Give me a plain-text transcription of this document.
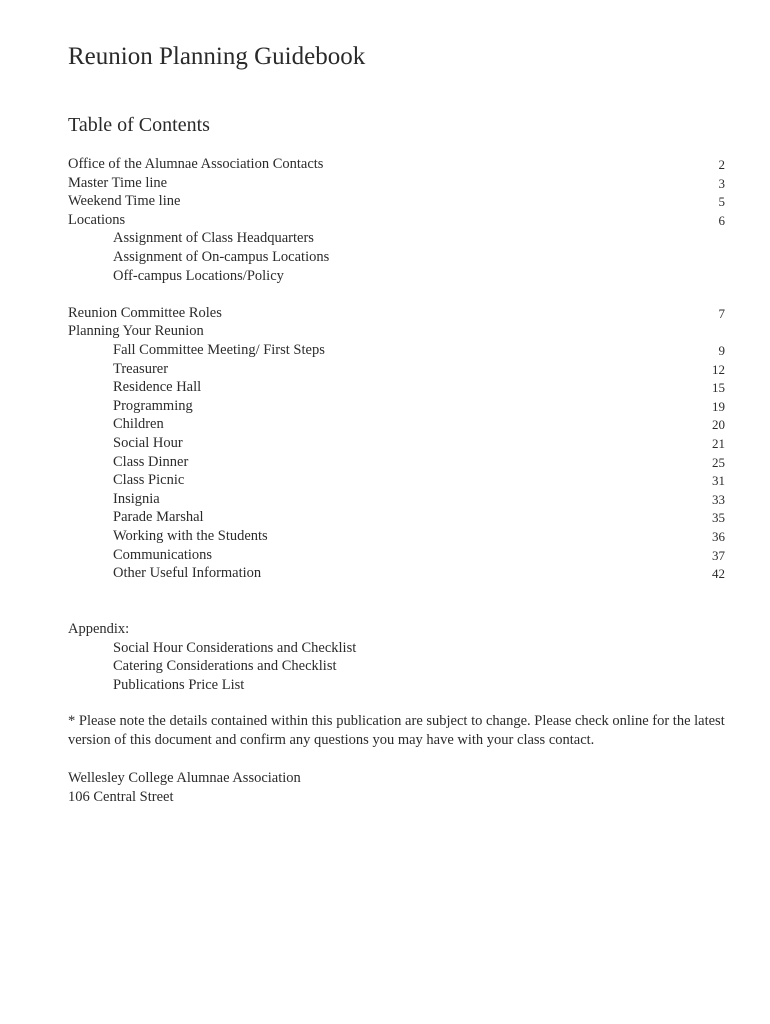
Reunion Planning Guidebook
Table of Contents
Office of the Alumnae Association Contacts	2
Master Time line	3
Weekend Time line	5
Locations	6
Assignment of Class Headquarters
Assignment of On-campus Locations
Off-campus Locations/Policy
Reunion Committee Roles	7
Planning Your Reunion
Fall Committee Meeting/ First Steps	9
Treasurer	12
Residence Hall	15
Programming	19
Children	20
Social Hour	21
Class Dinner	25
Class Picnic	31
Insignia	33
Parade Marshal	35
Working with the Students	36
Communications	37
Other Useful Information	42
Appendix:
Social Hour Considerations and Checklist
Catering Considerations and Checklist
Publications Price List
* Please note the details contained within this publication are subject to change. Please check online for the latest version of this document and confirm any questions you may have with your class contact.
Wellesley College Alumnae Association
106 Central Street
